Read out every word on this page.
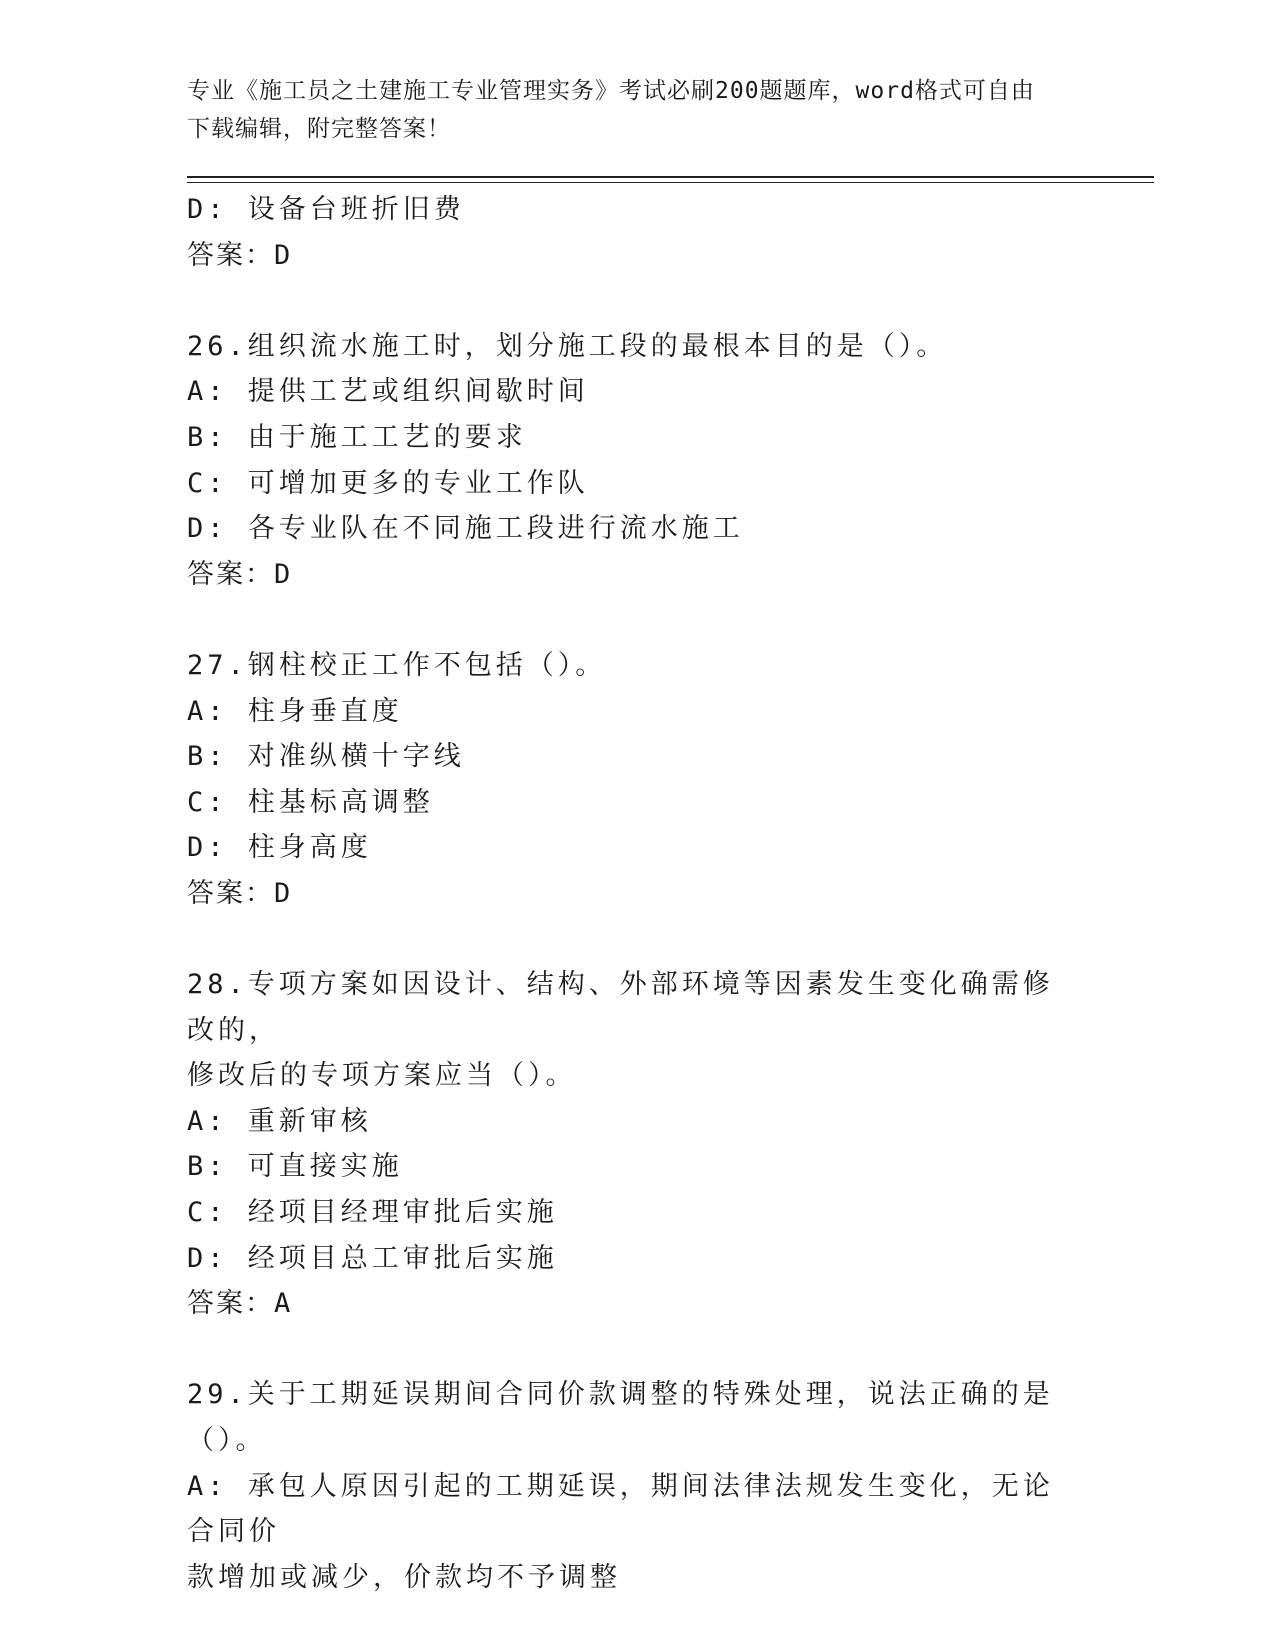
专业《施工员之土建施工专业管理实务》考试必刷200题题库，word格式可自由
下载编辑，附完整答案！
D: 设备台班折旧费
答案：D
26.组织流水施工时，划分施工段的最根本目的是（）。
A: 提供工艺或组织间歇时间
B: 由于施工工艺的要求
C: 可增加更多的专业工作队
D: 各专业队在不同施工段进行流水施工
答案：D
27.钢柱校正工作不包括（）。
A: 柱身垂直度
B: 对准纵横十字线
C: 柱基标高调整
D: 柱身高度
答案：D
28.专项方案如因设计、结构、外部环境等因素发生变化确需修改的，
修改后的专项方案应当（）。
A: 重新审核
B: 可直接实施
C: 经项目经理审批后实施
D: 经项目总工审批后实施
答案：A
29.关于工期延误期间合同价款调整的特殊处理，说法正确的是（）。
A: 承包人原因引起的工期延误，期间法律法规发生变化，无论合同价
款增加或减少，价款均不予调整
